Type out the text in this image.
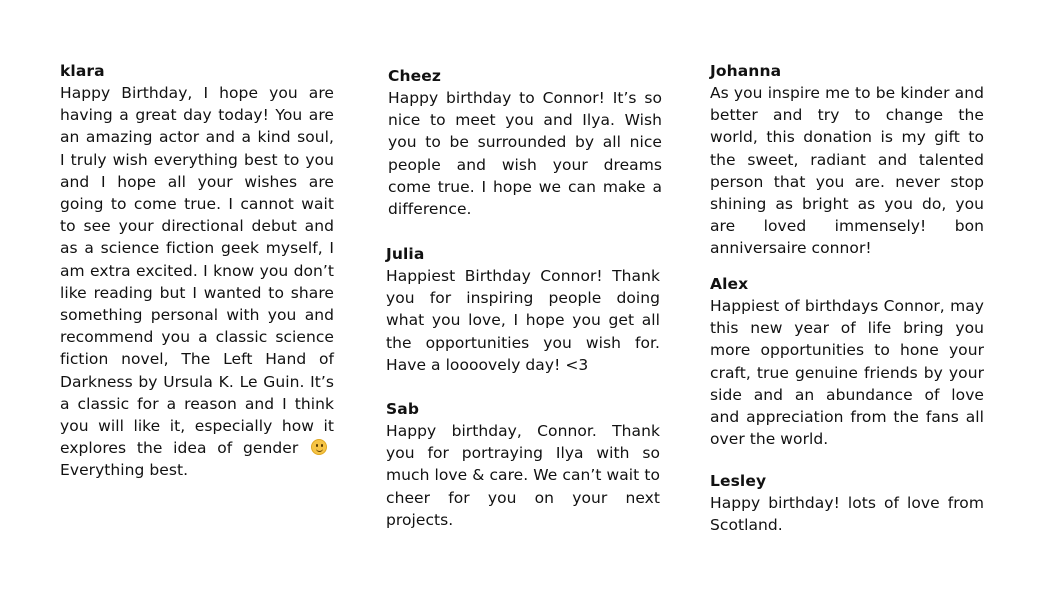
klara

Happy Birthday, I hope you are having a great day today! You are an amazing actor and a kind soul, I truly wish everything best to you and I hope all your wishes are going to come true. I cannot wait to see your directional debut and as a science fiction geek myself, I am extra excited. I know you don’t like reading but I wanted to share something personal with you and recommend you a classic science fiction novel, The Left Hand of Darkness by Ursula K. Le Guin. It’s a classic for a reason and I think you will like it, especially how it explores the idea of gender   Everything best.

Cheez

Happy birthday to Connor! It’s so nice to meet you and Ilya. Wish you to be surrounded by all nice people and wish your dreams come true. I hope we can make a difference.

Julia

Happiest Birthday Connor! Thank you for inspiring people doing what you love, I hope you get all the opportunities you wish for. Have a loooovely day! <3

Sab

Happy birthday, Connor. Thank you for portraying Ilya with so much love & care. We can’t wait to cheer for you on your next projects.

Johanna

As you inspire me to be kinder and better and try to change the world, this donation is my gift to the sweet, radiant and talented person that you are. never stop shining as bright as you do, you are loved immensely! bon anniversaire connor!

Alex

Happiest of birthdays Connor, may this new year of life bring you more opportunities to hone your craft, true genuine friends by your side and an abundance of love and appreciation from the fans all over the world.

Lesley

Happy birthday! lots of love from Scotland.
